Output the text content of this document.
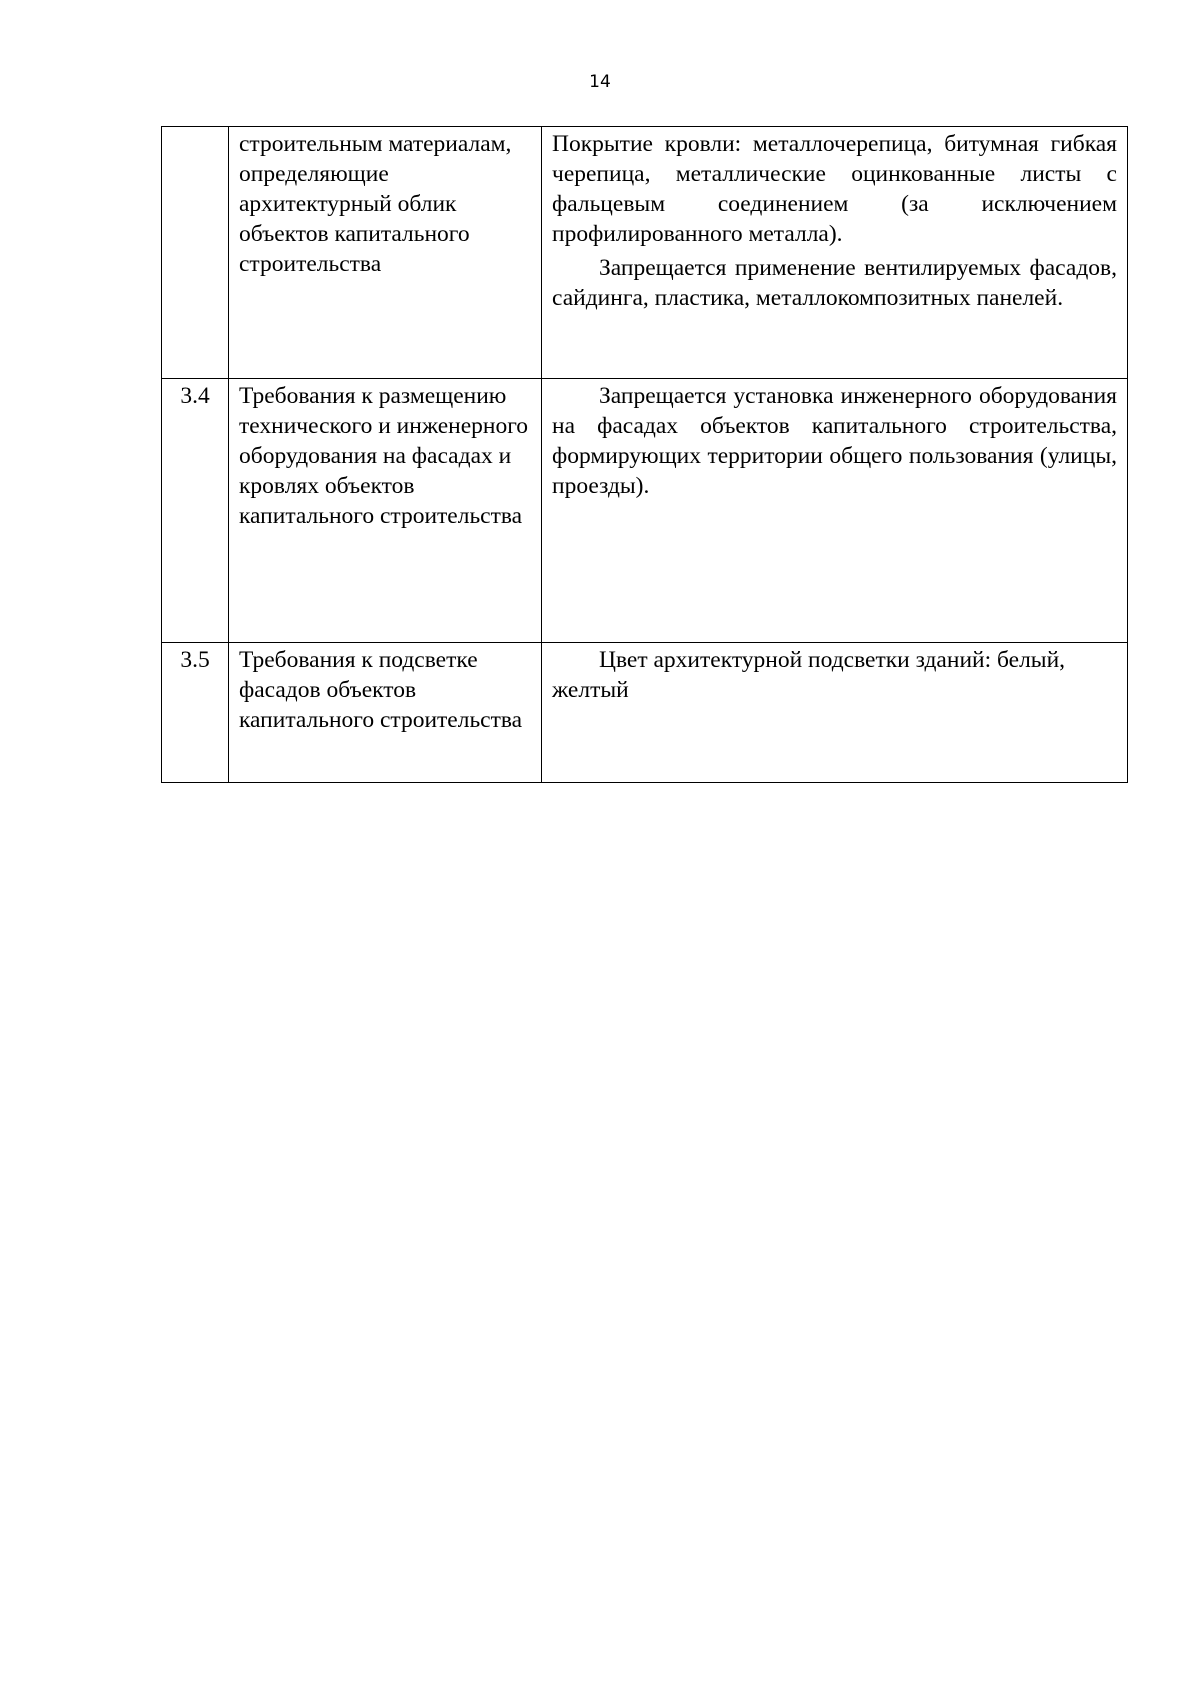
14
	строительным материалам, определяющие архитектурный облик объектов капитального строительства	Покрытие кровли: металлочерепица, битумная гибкая черепица, металлические оцинкованные листы с фальцевым соединением (за исключением профилированного металла).

Запрещается применение вентилируемых фасадов, сайдинга, пластика, металлокомпозитных панелей.

3.4	Требования к размещению технического и инженерного оборудования на фасадах и кровлях объектов капитального строительства	Запрещается установка инженерного оборудования на фасадах объектов капитального строительства, формирующих территории общего пользования (улицы, проезды).

3.5	Требования к подсветке фасадов объектов капитального строительства	Цвет архитектурной подсветки зданий: белый, желтый
